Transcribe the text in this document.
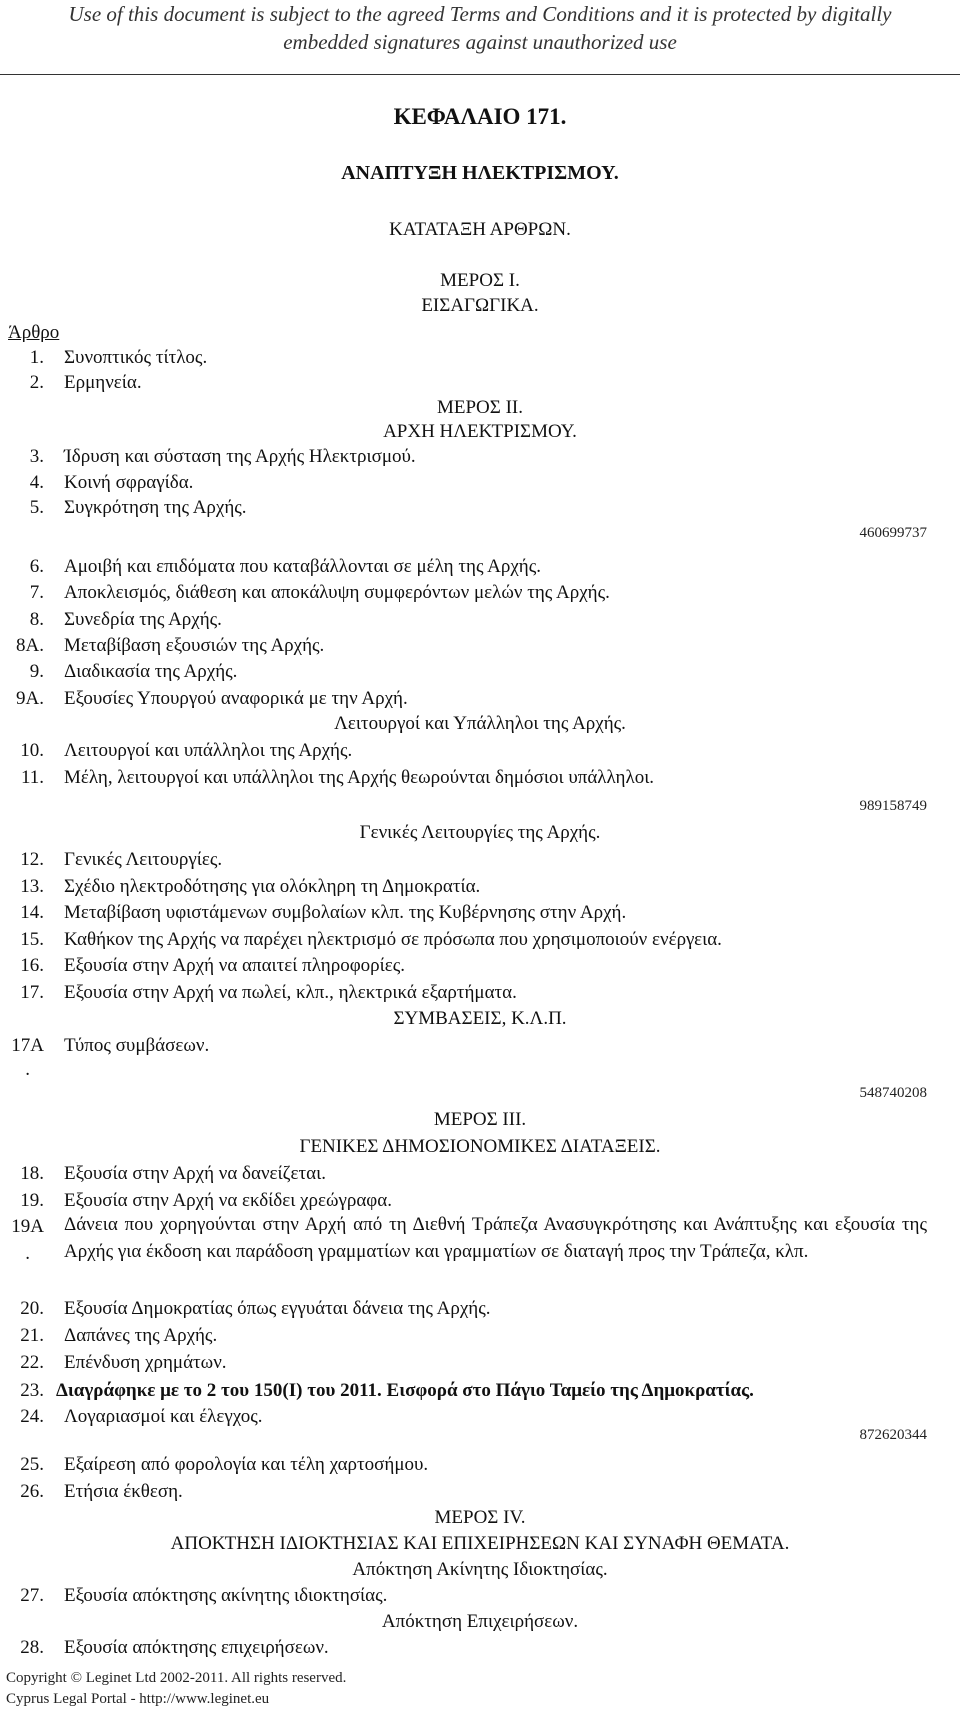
Use of this document is subject to the agreed Terms and Conditions and it is protected by digitally
embedded signatures against unauthorized use
ΚΕΦΑΛΑΙΟ 171.
ΑΝΑΠΤΥΞΗ ΗΛΕΚΤΡΙΣΜΟΥ.
ΚΑΤΑΤΑΞΗ ΑΡΘΡΩΝ.
ΜΕΡΟΣ Ι.
ΕΙΣΑΓΩΓΙΚΑ.
Άρθρο
1. Συνοπτικός τίτλος.
2. Ερμηνεία.
ΜΕΡΟΣ ΙΙ.
ΑΡΧΗ ΗΛΕΚΤΡΙΣΜΟΥ.
3. Ίδρυση και σύσταση της Αρχής Ηλεκτρισμού.
4. Κοινή σφραγίδα.
5. Συγκρότηση της Αρχής.
460699737
6. Αμοιβή και επιδόματα που καταβάλλονται σε μέλη της Αρχής.
7. Αποκλεισμός, διάθεση και αποκάλυψη συμφερόντων μελών της Αρχής.
8. Συνεδρία της Αρχής.
8Α. Μεταβίβαση εξουσιών της Αρχής.
9. Διαδικασία της Αρχής.
9Α. Εξουσίες Υπουργού αναφορικά με την Αρχή.
Λειτουργοί και Υπάλληλοι της Αρχής.
10. Λειτουργοί και υπάλληλοι της Αρχής.
11. Μέλη, λειτουργοί και υπάλληλοι της Αρχής θεωρούνται δημόσιοι υπάλληλοι.
989158749
Γενικές Λειτουργίες της Αρχής.
12. Γενικές Λειτουργίες.
13. Σχέδιο ηλεκτροδότησης για ολόκληρη τη Δημοκρατία.
14. Μεταβίβαση υφιστάμενων συμβολαίων κλπ. της Κυβέρνησης στην Αρχή.
15. Καθήκον της Αρχής να παρέχει ηλεκτρισμό σε πρόσωπα που χρησιμοποιούν ενέργεια.
16. Εξουσία στην Αρχή να απαιτεί πληροφορίες.
17. Εξουσία στην Αρχή να πωλεί, κλπ., ηλεκτρικά εξαρτήματα.
ΣΥΜΒΑΣΕΙΣ, Κ.Λ.Π.
17Α
.
Τύπος συμβάσεων.
548740208
ΜΕΡΟΣ ΙΙΙ.
ΓΕΝΙΚΕΣ ΔΗΜΟΣΙΟΝΟΜΙΚΕΣ ΔΙΑΤΑΞΕΙΣ.
18. Εξουσία στην Αρχή να δανείζεται.
19. Εξουσία στην Αρχή να εκδίδει χρεώγραφα.
19Α
.
Δάνεια που χορηγούνται στην Αρχή από τη Διεθνή Τράπεζα Ανασυγκρότησης και Ανάπτυξης και εξουσία της Αρχής για έκδοση και παράδοση γραμματίων και γραμματίων σε διαταγή προς την Τράπεζα, κλπ.
20. Εξουσία Δημοκρατίας όπως εγγυάται δάνεια της Αρχής.
21. Δαπάνες της Αρχής.
22. Επένδυση χρημάτων.
23. Διαγράφηκε με το 2 του 150(Ι) του 2011. Εισφορά στο Πάγιο Ταμείο της Δημοκρατίας.
24. Λογαριασμοί και έλεγχος.
872620344
25. Εξαίρεση από φορολογία και τέλη χαρτοσήμου.
26. Ετήσια έκθεση.
ΜΕΡΟΣ ΙV.
ΑΠΟΚΤΗΣΗ ΙΔΙΟΚΤΗΣΙΑΣ ΚΑΙ ΕΠΙΧΕΙΡΗΣΕΩΝ ΚΑΙ ΣΥΝΑΦΗ ΘΕΜΑΤΑ.
Απόκτηση Ακίνητης Ιδιοκτησίας.
27. Εξουσία απόκτησης ακίνητης ιδιοκτησίας.
Απόκτηση Επιχειρήσεων.
28. Εξουσία απόκτησης επιχειρήσεων.
Copyright © Leginet Ltd 2002-2011. All rights reserved.
Cyprus Legal Portal - http://www.leginet.eu
